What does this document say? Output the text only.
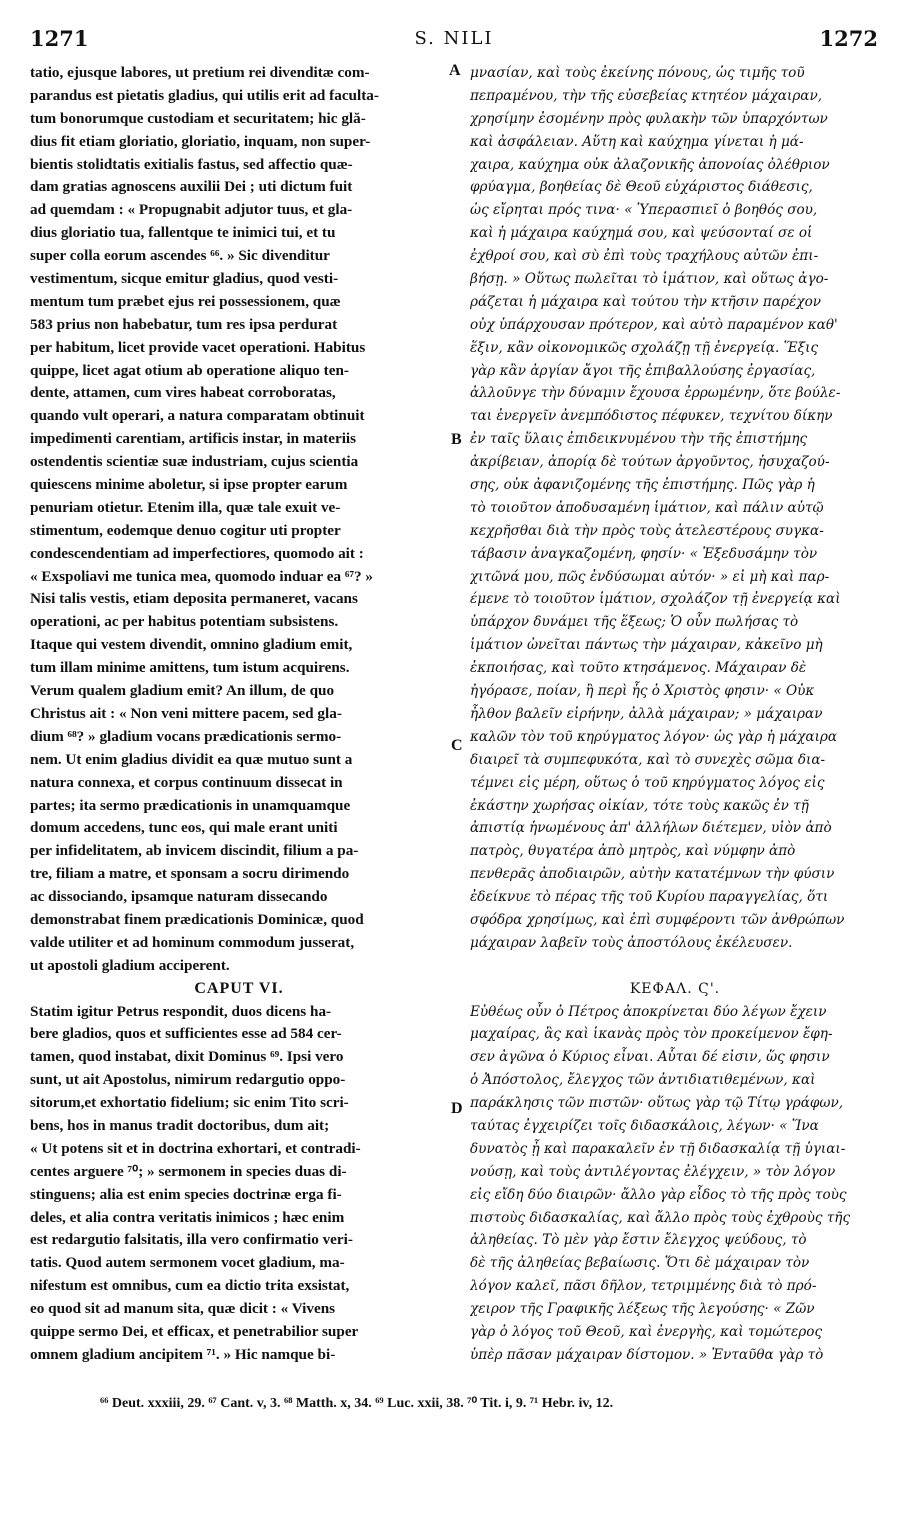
1271	S. NILI	1272
A
B
C
D
tatio, ejusque labores, ut pretium rei divenditæ com-
parandus est pietatis gladius, qui utilis erit ad faculta-
tum bonorumque custodiam et securitatem; hic glă-
dius fit etiam gloriatio, gloriatio, inquam, non super-
bientis stolidtatis exitialis fastus, sed affectio quæ-
dam gratias agnoscens auxilii Dei ; uti dictum fuit
ad quemdam : « Propugnabit adjutor tuus, et gla-
dius gloriatio tua, fallentque te inimici tui, et tu
super colla eorum ascendes ⁶⁶. » Sic divenditur
vestimentum, sicque emitur gladius, quod vesti-
mentum tum præbet ejus rei possessionem, quæ
583 prius non habebatur, tum res ipsa perdurat
per habitum, licet provide vacet operationi. Habitus
quippe, licet agat otium ab operatione aliquo ten-
dente, attamen, cum vires habeat corroboratas,
quando vult operari, a natura comparatam obtinuit
impedimenti carentiam, artificis instar, in materiis
ostendentis scientiæ suæ industriam, cujus scientia
quiescens minime aboletur, si ipse propter earum
penuriam otietur. Etenim illa, quæ tale exuit ve-
stimentum, eodemque denuo cogitur uti propter
condescendentiam ad imperfectiores, quomodo ait :
« Exspoliavi me tunica mea, quomodo induar ea ⁶⁷? »
Nisi talis vestis, etiam deposita permaneret, vacans
operationi, ac per habitus potentiam subsistens.
Itaque qui vestem divendit, omnino gladium emit,
tum illam minime amittens, tum istum acquirens.
Verum qualem gladium emit? An illum, de quo
Christus ait : « Non veni mittere pacem, sed gla-
dium ⁶⁸? » gladium vocans prædicationis sermo-
nem. Ut enim gladius dividit ea quæ mutuo sunt a
natura connexa, et corpus continuum dissecat in
partes; ita sermo prædicationis in unamquamque
domum accedens, tunc eos, qui male erant uniti
per infidelitatem, ab invicem discindit, filium a pa-
tre, filiam a matre, et sponsam a socru dirimendo
ac dissociando, ipsamque naturam dissecando
demonstrabat finem prædicationis Dominicæ, quod
valde utiliter et ad hominum commodum jusserat,
ut apostoli gladium acciperent.
CAPUT VI.
Statim igitur Petrus respondit, duos dicens ha-
bere gladios, quos et sufficientes esse ad 584 cer-
tamen, quod instabat, dixit Dominus ⁶⁹. Ipsi vero
sunt, ut ait Apostolus, nimirum redargutio oppo-
sitorum,et exhortatio fidelium; sic enim Tito scri-
bens, hos in manus tradit doctoribus, dum ait;
« Ut potens sit et in doctrina exhortari, et contradi-
centes arguere ⁷⁰; » sermonem in species duas di-
stinguens; alia est enim species doctrinæ erga fi-
deles, et alia contra veritatis inimicos ; hæc enim
est redargutio falsitatis, illa vero confirmatio veri-
tatis. Quod autem sermonem vocet gladium, ma-
nifestum est omnibus, cum ea dictio trita exsistat,
eo quod sit ad manum sita, quæ dicit : « Vivens
quippe sermo Dei, et efficax, et penetrabilior super
omnem gladium ancipitem ⁷¹. » Hic namque bi-
μνασίαν, καὶ τοὺς ἐκείνης πόνους, ὡς τιμῆς τοῦ
πεπραμένου, τὴν τῆς εὐσεβείας κτητέον μάχαιραν,
χρησίμην ἐσομένην πρὸς φυλακὴν τῶν ὑπαρχόντων
καὶ ἀσφάλειαν. Αὕτη καὶ καύχημα γίνεται ἡ μά-
χαιρα, καύχημα οὐκ ἀλαζονικῆς ἀπονοίας ὀλέθριον
φρύαγμα, βοηθείας δὲ Θεοῦ εὐχάριστος διάθεσις,
ὡς εἴρηται πρός τινα· « Ὑπερασπιεῖ ὁ βοηθός σου,
καὶ ἡ μάχαιρα καύχημά σου, καὶ ψεύσονταί σε οἱ
ἐχθροί σου, καὶ σὺ ἐπὶ τοὺς τραχήλους αὐτῶν ἐπι-
βήσῃ. » Οὕτως πωλεῖται τὸ ἱμάτιον, καὶ οὕτως ἀγο-
ράζεται ἡ μάχαιρα καὶ τούτου τὴν κτῆσιν παρέχον
οὐχ ὑπάρχουσαν πρότερον, καὶ αὐτὸ παραμένον καθ'
ἕξιν, κἂν οἰκονομικῶς σχολάζῃ τῇ ἐνεργείᾳ. Ἕξις
γὰρ κἂν ἀργίαν ἄγοι τῆς ἐπιβαλλούσης ἐργασίας,
ἀλλοῦνγε τὴν δύναμιν ἔχουσα ἐρρωμένην, ὅτε βούλε-
ται ἐνεργεῖν ἀνεμπόδιστος πέφυκεν, τεχνίτου δίκην
ἐν ταῖς ὕλαις ἐπιδεικνυμένου τὴν τῆς ἐπιστήμης
ἀκρίβειαν, ἀπορίᾳ δὲ τούτων ἀργοῦντος, ἡσυχαζού-
σης, οὐκ ἀφανιζομένης τῆς ἐπιστήμης. Πῶς γὰρ ἡ
τὸ τοιοῦτον ἀποδυσαμένη ἱμάτιον, καὶ πάλιν αὐτῷ
κεχρῆσθαι διὰ τὴν πρὸς τοὺς ἀτελεστέρους συγκα-
τάβασιν ἀναγκαζομένη, φησίν· « Ἐξεδυσάμην τὸν
χιτῶνά μου, πῶς ἐνδύσωμαι αὐτόν· » εἰ μὴ καὶ παρ-
έμενε τὸ τοιοῦτον ἱμάτιον, σχολάζον τῇ ἐνεργείᾳ καὶ
ὑπάρχον δυνάμει τῆς ἕξεως; Ὁ οὖν πωλήσας τὸ
ἱμάτιον ὠνεῖται πάντως τὴν μάχαιραν, κἀκεῖνο μὴ
ἐκποιήσας, καὶ τοῦτο κτησάμενος. Μάχαιραν δὲ
ἠγόρασε, ποίαν, ἢ περὶ ἧς ὁ Χριστὸς φησιν· « Οὐκ
ἦλθον βαλεῖν εἰρήνην, ἀλλὰ μάχαιραν; » μάχαιραν
καλῶν τὸν τοῦ κηρύγματος λόγον· ὡς γὰρ ἡ μάχαιρα
διαιρεῖ τὰ συμπεφυκότα, καὶ τὸ συνεχὲς σῶμα δια-
τέμνει εἰς μέρη, οὕτως ὁ τοῦ κηρύγματος λόγος εἰς
ἑκάστην χωρήσας οἰκίαν, τότε τοὺς κακῶς ἐν τῇ
ἀπιστίᾳ ἡνωμένους ἀπ' ἀλλήλων διέτεμεν, υἱὸν ἀπὸ
πατρὸς, θυγατέρα ἀπὸ μητρὸς, καὶ νύμφην ἀπὸ
πενθερᾶς ἀποδιαιρῶν, αὐτὴν κατατέμνων τὴν φύσιν
ἐδείκνυε τὸ πέρας τῆς τοῦ Κυρίου παραγγελίας, ὅτι
σφόδρα χρησίμως, καὶ ἐπὶ συμφέροντι τῶν ἀνθρώπων
μάχαιραν λαβεῖν τοὺς ἀποστόλους ἐκέλευσεν.
ΚΕΦΑΛ. Ϛ'.
Εὐθέως οὖν ὁ Πέτρος ἀποκρίνεται δύο λέγων ἔχειν
μαχαίρας, ἃς καὶ ἱκανὰς πρὸς τὸν προκείμενον ἔφη-
σεν ἀγῶνα ὁ Κύριος εἶναι. Αὗται δέ εἰσιν, ὥς φησιν
ὁ Ἀπόστολος, ἔλεγχος τῶν ἀντιδιατιθεμένων, καὶ
παράκλησις τῶν πιστῶν· οὕτως γὰρ τῷ Τίτῳ γράφων,
ταύτας ἐγχειρίζει τοῖς διδασκάλοις, λέγων· « Ἵνα
δυνατὸς ᾖ καὶ παρακαλεῖν ἐν τῇ διδασκαλίᾳ τῇ ὑγιαι-
νούσῃ, καὶ τοὺς ἀντιλέγοντας ἐλέγχειν, » τὸν λόγον
εἰς εἴδη δύο διαιρῶν· ἄλλο γὰρ εἶδος τὸ τῆς πρὸς τοὺς
πιστοὺς διδασκαλίας, καὶ ἄλλο πρὸς τοὺς ἐχθροὺς τῆς
ἀληθείας. Τὸ μὲν γὰρ ἔστιν ἔλεγχος ψεύδους, τὸ
δὲ τῆς ἀληθείας βεβαίωσις. Ὅτι δὲ μάχαιραν τὸν
λόγον καλεῖ, πᾶσι δῆλον, τετριμμένης διὰ τὸ πρό-
χειρον τῆς Γραφικῆς λέξεως τῆς λεγούσης· « Ζῶν
γὰρ ὁ λόγος τοῦ Θεοῦ, καὶ ἐνεργὴς, καὶ τομώτερος
ὑπὲρ πᾶσαν μάχαιραν δίστομον. » Ἐνταῦθα γὰρ τὸ
⁶⁶ Deut. xxxiii, 29. ⁶⁷ Cant. v, 3. ⁶⁸ Matth. x, 34. ⁶⁹ Luc. xxii, 38. ⁷⁰ Tit. i, 9. ⁷¹ Hebr. iv, 12.
